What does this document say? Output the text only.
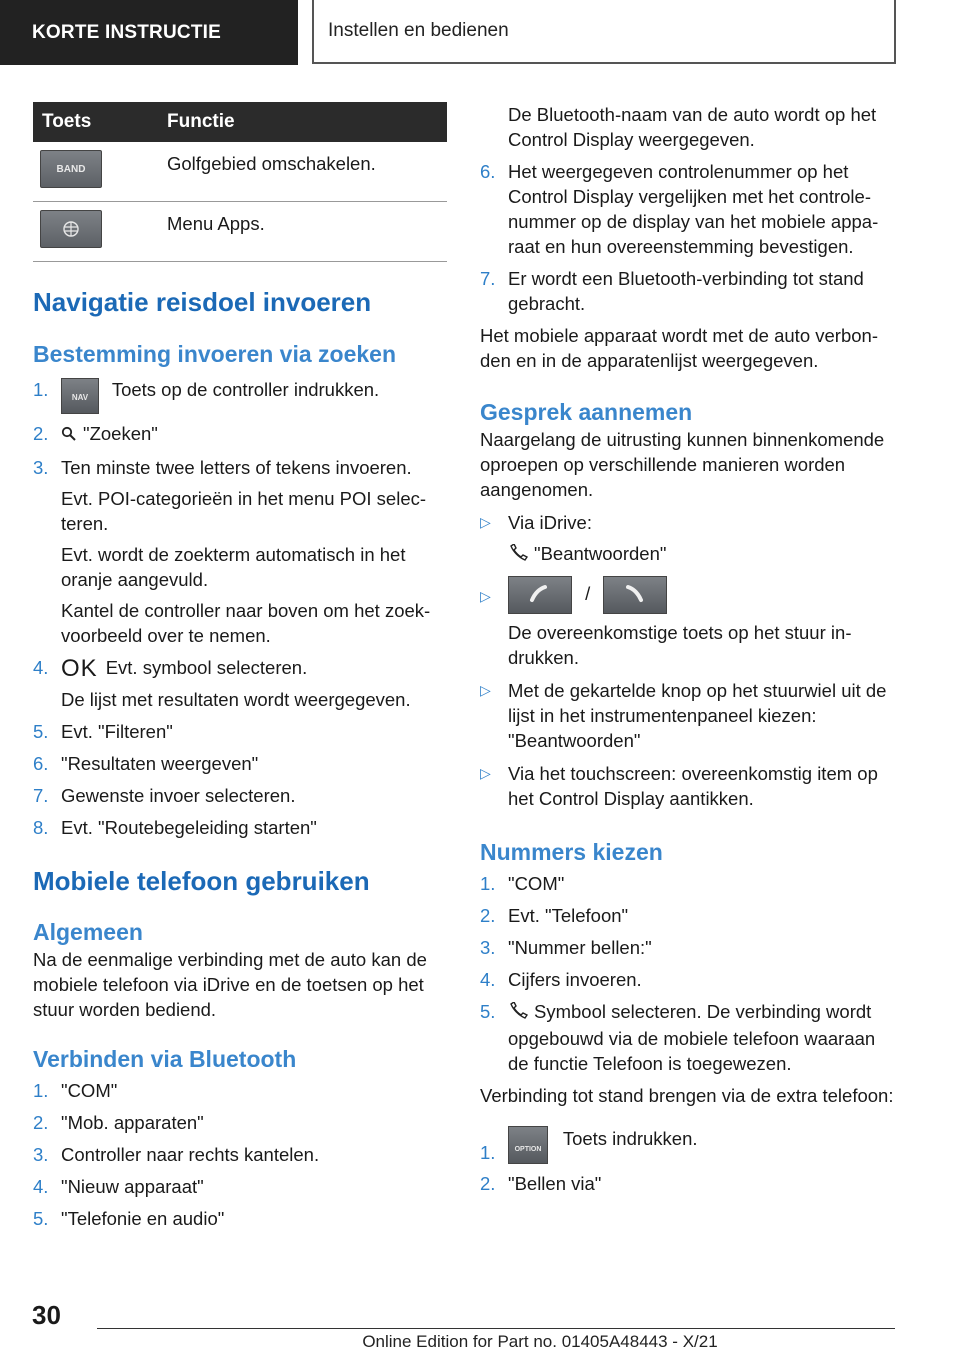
KORTE INSTRUCTIE	Instellen en bedienen
Toets	Functie

BAND	Golfgebied omschakelen.

	Menu Apps.
Navigatie reisdoel invoeren
Bestemming invoeren via zoeken
1.	NAV Toets op de controller indrukken.
2. "Zoeken"
3. Ten minste twee letters of tekens invoeren.
Evt. POI-categorieën in het menu POI selecteren.
Evt. wordt de zoekterm automatisch in het oranje aangevuld.
Kantel de controller naar boven om het zoekvoorbeeld over te nemen.
4. OK Evt. symbool selecteren.
De lijst met resultaten wordt weergegeven.
5. Evt. "Filteren"
6. "Resultaten weergeven"
7. Gewenste invoer selecteren.
8. Evt. "Routebegeleiding starten"
Mobiele telefoon gebruiken
Algemeen

Na de eenmalige verbinding met de auto kan de mobiele telefoon via iDrive en de toetsen op het stuur worden bediend.

Verbinden via Bluetooth
1. "COM"
2. "Mob. apparaten"
3. Controller naar rechts kantelen.
4. "Nieuw apparaat"
5. "Telefonie en audio"
De Bluetooth-naam van de auto wordt op het Control Display weergegeven.
6. Het weergegeven controlenummer op het Control Display vergelijken met het controlenummer op de display van het mobiele apparaat en hun overeenstemming bevestigen.
7. Er wordt een Bluetooth-verbinding tot stand gebracht.

Het mobiele apparaat wordt met de auto verbonden en in de apparatenlijst weergegeven.

Gesprek aannemen

Naargelang de uitrusting kunnen binnenkomende oproepen op verschillende manieren worden aangenomen.

▷ Via iDrive:
"Beantwoorden"
▷	/
De overeenkomstige toets op het stuur indrukken.
▷ Met de gekartelde knop op het stuurwiel uit de lijst in het instrumentenpaneel kiezen: "Beantwoorden"
▷ Via het touchscreen: overeenkomstig item op het Control Display aantikken.
Nummers kiezen
1. "COM"
2. Evt. "Telefoon"
3. "Nummer bellen:"
4. Cijfers invoeren.
5. Symbool selecteren. De verbinding wordt opgebouwd via de mobiele telefoon waaraan de functie Telefoon is toegewezen.

Verbinding tot stand brengen via de extra telefoon:

1.	OPTION Toets indrukken.
2. "Bellen via"
30
Online Edition for Part no. 01405A48443 - X/21
